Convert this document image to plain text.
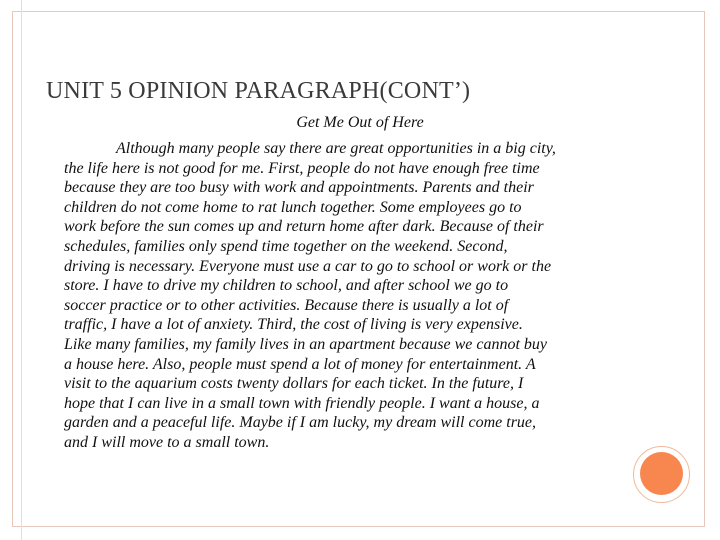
UNIT 5 OPINION PARAGRAPH(CONT’)
Get Me Out of Here
Although many people say there are great opportunities in a big city,
the life here is not good for me. First, people do not have enough free time
because they are too busy with work and appointments. Parents and their
children do not come home to rat lunch together. Some employees go to
work before the sun comes up and return home after dark. Because of their
schedules, families only spend time together on the weekend. Second,
driving is necessary. Everyone must use a car to go to school or work or the
store. I have to drive my children to school, and after school we go to
soccer practice or to other activities. Because there is usually a lot of
traffic, I have a lot of anxiety. Third, the cost of living is very expensive.
Like many families, my family lives in an apartment because we cannot buy
a house here. Also, people must spend a lot of money for entertainment. A
visit to the aquarium costs twenty dollars for each ticket. In the future, I
hope that I can live in a small town with friendly people. I want a house, a
garden and a peaceful life. Maybe if I am lucky, my dream will come true,
and I will move to a small town.
